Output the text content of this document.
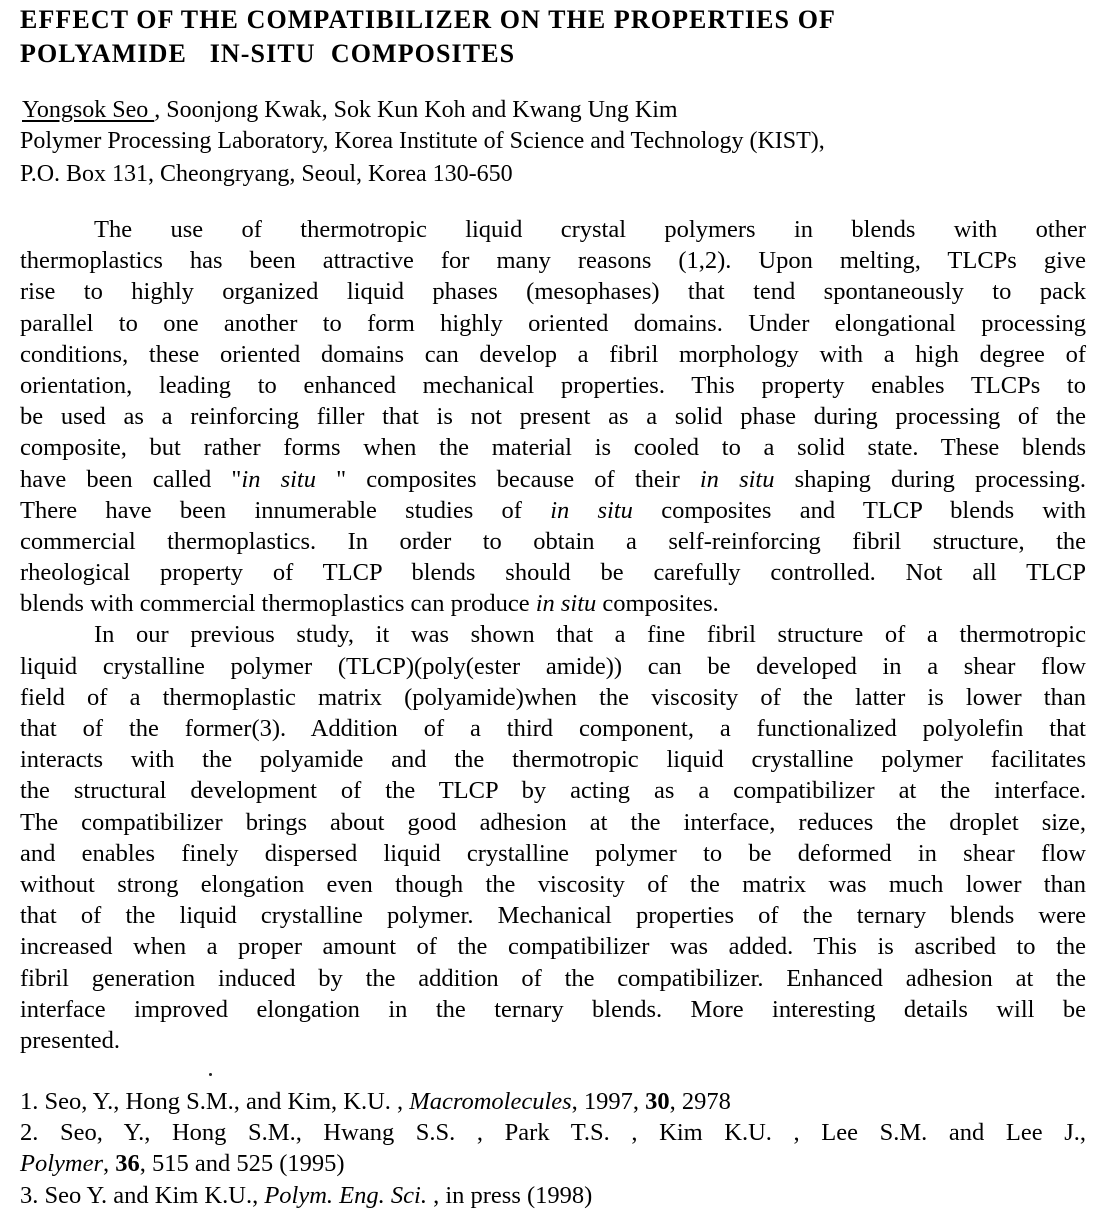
EFFECT OF THE COMPATIBILIZER ON THE PROPERTIES OF
POLYAMIDE   IN-SITU  COMPOSITES

Yongsok Seo , Soonjong Kwak, Sok Kun Koh and Kwang Ung Kim

Polymer Processing Laboratory, Korea Institute of Science and Technology (KIST),

P.O. Box 131, Cheongryang, Seoul, Korea 130-650

The use of thermotropic liquid crystal polymers in blends with other
thermoplastics has been attractive for many reasons (1,2). Upon melting, TLCPs give
rise to highly organized liquid phases (mesophases) that tend spontaneously to pack
parallel to one another to form highly oriented domains. Under elongational processing
conditions, these oriented domains can develop a fibril morphology with a high degree of
orientation, leading to enhanced mechanical properties. This property enables TLCPs to
be used as a reinforcing filler that is not present as a solid phase during processing of the
composite, but rather forms when the material is cooled to a solid state. These blends
have been called "in situ " composites because of their in situ shaping during processing.
There have been innumerable studies of in situ composites and TLCP blends with
commercial thermoplastics. In order to obtain a self-reinforcing fibril structure, the
rheological property of TLCP blends should be carefully controlled. Not all TLCP
blends with commercial thermoplastics can produce in situ composites.
In our previous study, it was shown that a fine fibril structure of a thermotropic
liquid crystalline polymer (TLCP)(poly(ester amide)) can be developed in a shear flow
field of a thermoplastic matrix (polyamide)when the viscosity of the latter is lower than
that of the former(3). Addition of a third component, a functionalized polyolefin that
interacts with the polyamide and the thermotropic liquid crystalline polymer facilitates
the structural development of the TLCP by acting as a compatibilizer at the interface.
The compatibilizer brings about good adhesion at the interface, reduces the droplet size,
and enables finely dispersed liquid crystalline polymer to be deformed in shear flow
without strong elongation even though the viscosity of the matrix was much lower than
that of the liquid crystalline polymer. Mechanical properties of the ternary blends were
increased when a proper amount of the compatibilizer was added. This is ascribed to the
fibril generation induced by the addition of the compatibilizer. Enhanced adhesion at the
interface improved elongation in the ternary blends. More interesting details will be
presented.
1. Seo, Y., Hong S.M., and Kim, K.U. , Macromolecules, 1997, 30, 2978
2. Seo, Y., Hong S.M., Hwang S.S. , Park T.S. , Kim K.U. , Lee S.M. and Lee J.,
Polymer, 36, 515 and 525 (1995)
3. Seo Y. and Kim K.U., Polym. Eng. Sci. , in press (1998)
